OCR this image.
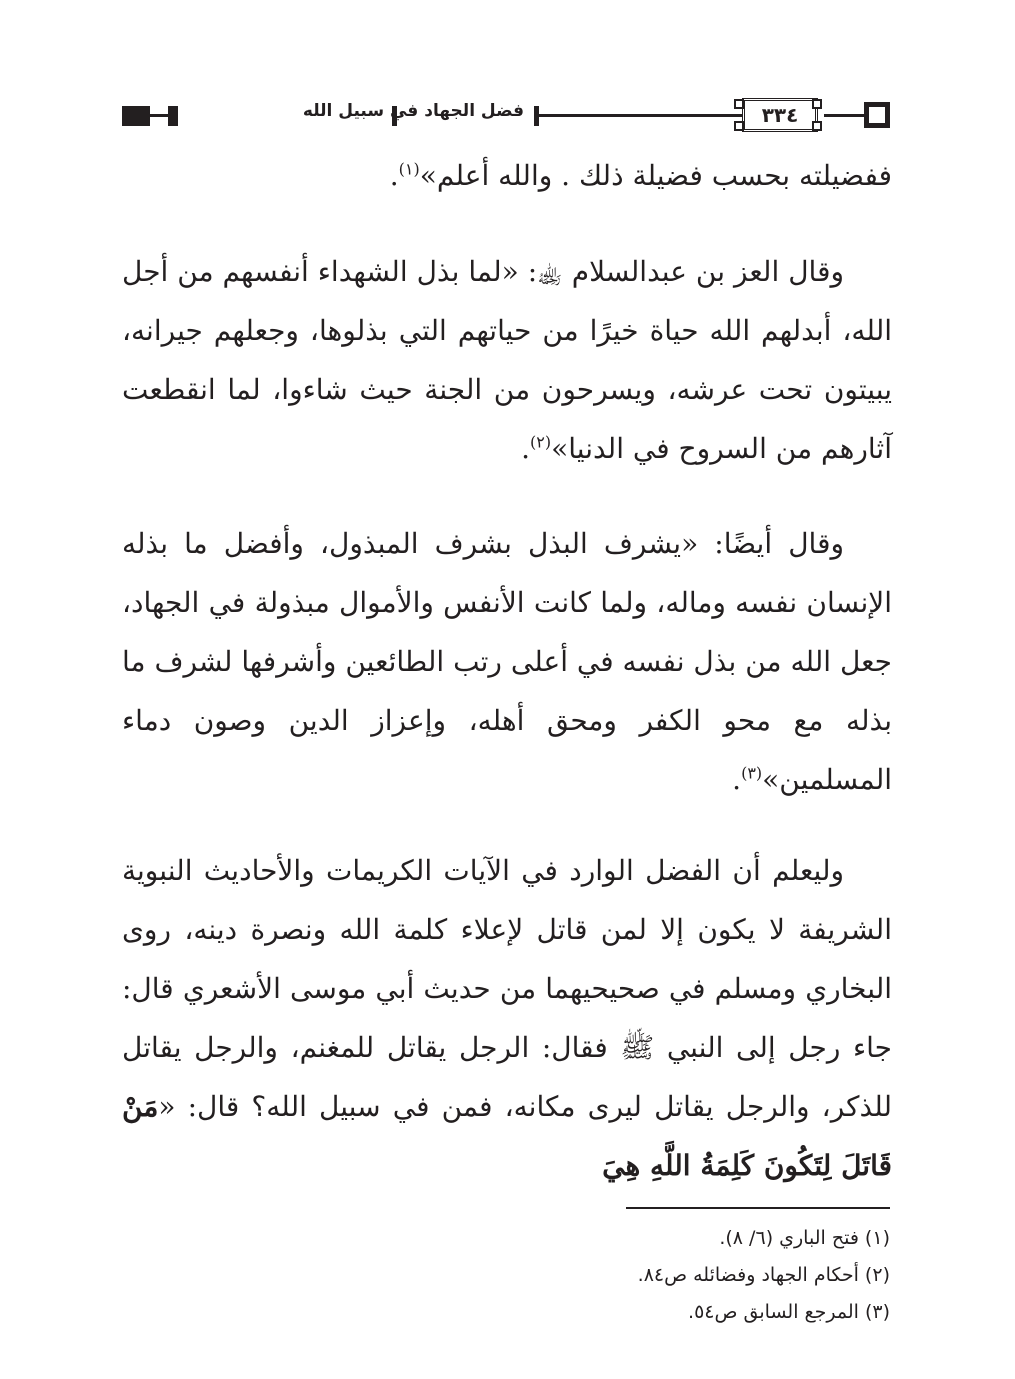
فضل الجهاد في سبيل الله	٣٣٤

ففضيلته بحسب فضيلة ذلك . والله أعلم»$^{(١)}$.

وقال العز بن عبدالسلام ﵀: «لما بذل الشهداء أنفسهم من أجل الله، أبدلهم الله حياة خيرًا من حياتهم التي بذلوها، وجعلهم جيرانه، يبيتون تحت عرشه، ويسرحون من الجنة حيث شاءوا، لما انقطعت آثارهم من السروح في الدنيا»$^{(٢)}$.

وقال أيضًا: «يشرف البذل بشرف المبذول، وأفضل ما بذله الإنسان نفسه وماله، ولما كانت الأنفس والأموال مبذولة في الجهاد، جعل الله من بذل نفسه في أعلى رتب الطائعين وأشرفها لشرف ما بذله مع محو الكفر ومحق أهله، وإعزاز الدين وصون دماء المسلمين»$^{(٣)}$.

وليعلم أن الفضل الوارد في الآيات الكريمات والأحاديث النبوية الشريفة لا يكون إلا لمن قاتل لإعلاء كلمة الله ونصرة دينه، روى البخاري ومسلم في صحيحيهما من حديث أبي موسى الأشعري قال: جاء رجل إلى النبي ﷺ فقال: الرجل يقاتل للمغنم، والرجل يقاتل للذكر، والرجل يقاتل ليرى مكانه، فمن في سبيل الله؟ قال: «مَنْ قَاتَلَ لِتَكُونَ كَلِمَةُ اللَّهِ هِيَ

(١) فتح الباري (٦/ ٨).

(٢) أحكام الجهاد وفضائله ص٨٤.

(٣) المرجع السابق ص٥٤.
